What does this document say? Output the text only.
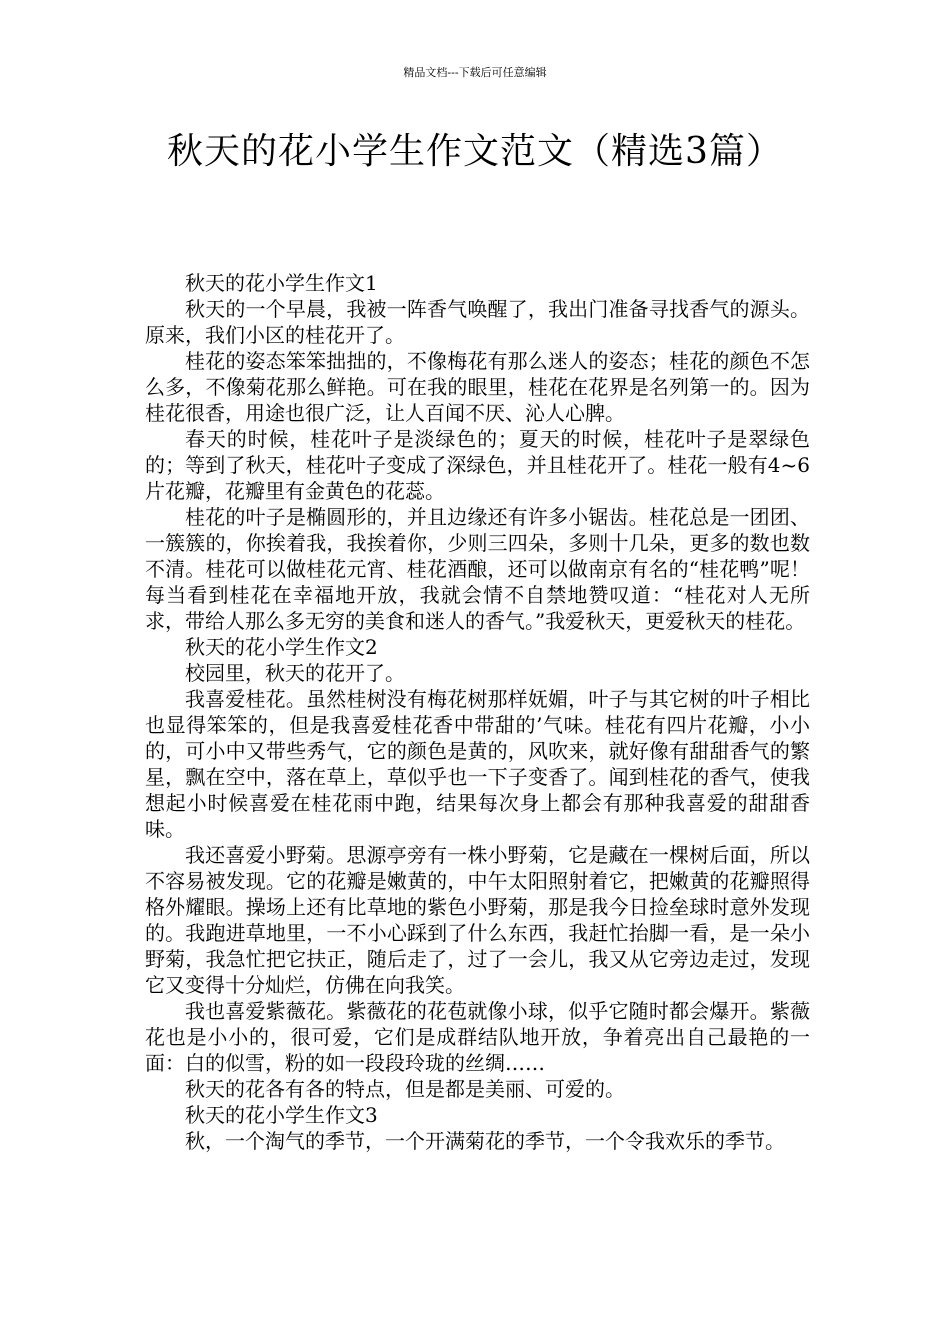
精品文档---下载后可任意编辑
秋天的花小学生作文范文（精选3篇）

秋天的花小学生作文1

秋天的一个早晨，我被一阵香气唤醒了，我出门准备寻找香气的源头。原来，我们小区的桂花开了。

桂花的姿态笨笨拙拙的，不像梅花有那么迷人的姿态；桂花的颜色不怎么多，不像菊花那么鲜艳。可在我的眼里，桂花在花界是名列第一的。因为桂花很香，用途也很广泛，让人百闻不厌、沁人心脾。

春天的时候，桂花叶子是淡绿色的；夏天的时候，桂花叶子是翠绿色的；等到了秋天，桂花叶子变成了深绿色，并且桂花开了。桂花一般有4~6片花瓣，花瓣里有金黄色的花蕊。

桂花的叶子是椭圆形的，并且边缘还有许多小锯齿。桂花总是一团团、一簇簇的，你挨着我，我挨着你，少则三四朵，多则十几朵，更多的数也数不清。桂花可以做桂花元宵、桂花酒酿，还可以做南京有名的“桂花鸭”呢！每当看到桂花在幸福地开放，我就会情不自禁地赞叹道：“桂花对人无所求，带给人那么多无穷的美食和迷人的香气。”我爱秋天，更爱秋天的桂花。

秋天的花小学生作文2

校园里，秋天的花开了。

我喜爱桂花。虽然桂树没有梅花树那样妩媚，叶子与其它树的叶子相比也显得笨笨的，但是我喜爱桂花香中带甜的’气味。桂花有四片花瓣，小小的，可小中又带些秀气，它的颜色是黄的，风吹来，就好像有甜甜香气的繁星，飘在空中，落在草上，草似乎也一下子变香了。闻到桂花的香气，使我想起小时候喜爱在桂花雨中跑，结果每次身上都会有那种我喜爱的甜甜香味。

我还喜爱小野菊。思源亭旁有一株小野菊，它是藏在一棵树后面，所以不容易被发现。它的花瓣是嫩黄的，中午太阳照射着它，把嫩黄的花瓣照得格外耀眼。操场上还有比草地的紫色小野菊，那是我今日捡垒球时意外发现的。我跑进草地里，一不小心踩到了什么东西，我赶忙抬脚一看，是一朵小野菊，我急忙把它扶正，随后走了，过了一会儿，我又从它旁边走过，发现它又变得十分灿烂，仿佛在向我笑。

我也喜爱紫薇花。紫薇花的花苞就像小球，似乎它随时都会爆开。紫薇花也是小小的，很可爱，它们是成群结队地开放，争着亮出自己最艳的一面：白的似雪，粉的如一段段玲珑的丝绸……

秋天的花各有各的特点，但是都是美丽、可爱的。

秋天的花小学生作文3

秋，一个淘气的季节，一个开满菊花的季节，一个令我欢乐的季节。
